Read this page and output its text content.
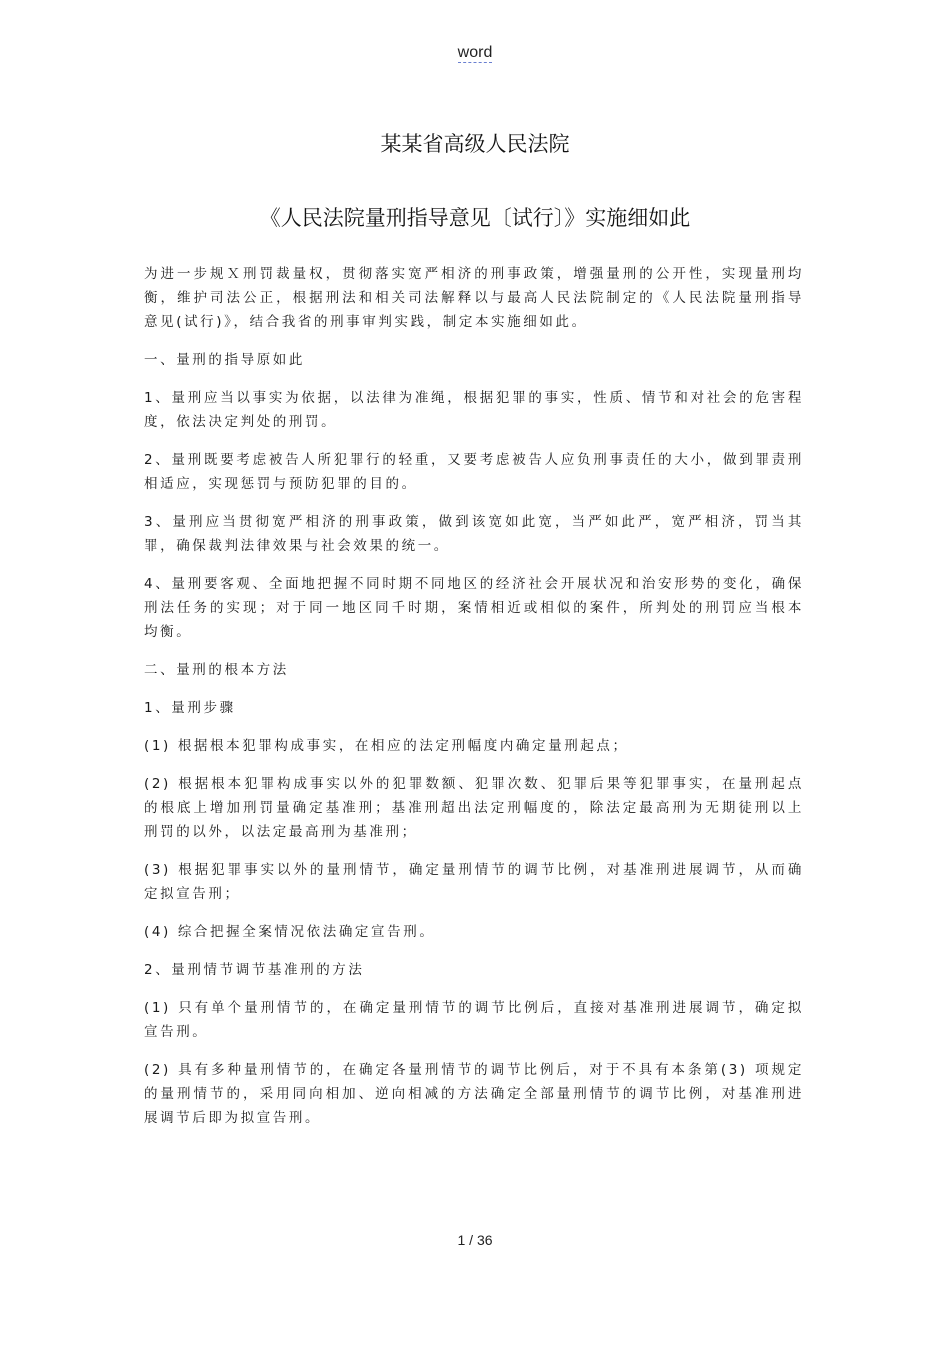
word
某某省高级人民法院
《人民法院量刑指导意见〔试行〕》实施细如此

为进一步规Ｘ刑罚裁量权，贯彻落实宽严相济的刑事政策，增强量刑的公开性，实现量刑均衡，维护司法公正，根据刑法和相关司法解释以与最高人民法院制定的《人民法院量刑指导意见(试行)》，结合我省的刑事审判实践，制定本实施细如此。

一、量刑的指导原如此

1、量刑应当以事实为依据，以法律为准绳，根据犯罪的事实，性质、情节和对社会的危害程度，依法决定判处的刑罚。

2、量刑既要考虑被告人所犯罪行的轻重，又要考虑被告人应负刑事责任的大小，做到罪责刑相适应，实现惩罚与预防犯罪的目的。

3、量刑应当贯彻宽严相济的刑事政策，做到该宽如此宽，当严如此严，宽严相济，罚当其罪，确保裁判法律效果与社会效果的统一。

4、量刑要客观、全面地把握不同时期不同地区的经济社会开展状况和治安形势的变化，确保刑法任务的实现；对于同一地区同千时期，案情相近或相似的案件，所判处的刑罚应当根本均衡。

二、量刑的根本方法

1、量刑步骤

(1) 根据根本犯罪构成事实，在相应的法定刑幅度内确定量刑起点；

(2) 根据根本犯罪构成事实以外的犯罪数额、犯罪次数、犯罪后果等犯罪事实，在量刑起点的根底上增加刑罚量确定基准刑；基准刑超出法定刑幅度的，除法定最高刑为无期徒刑以上刑罚的以外，以法定最高刑为基准刑；

(3) 根据犯罪事实以外的量刑情节，确定量刑情节的调节比例，对基准刑进展调节，从而确定拟宣告刑；

(4) 综合把握全案情况依法确定宣告刑。

2、量刑情节调节基准刑的方法

(1) 只有单个量刑情节的，在确定量刑情节的调节比例后，直接对基准刑进展调节，确定拟宣告刑。

(2) 具有多种量刑情节的，在确定各量刑情节的调节比例后，对于不具有本条第(3) 项规定的量刑情节的，采用同向相加、逆向相减的方法确定全部量刑情节的调节比例，对基准刑进展调节后即为拟宣告刑。

1 / 36
